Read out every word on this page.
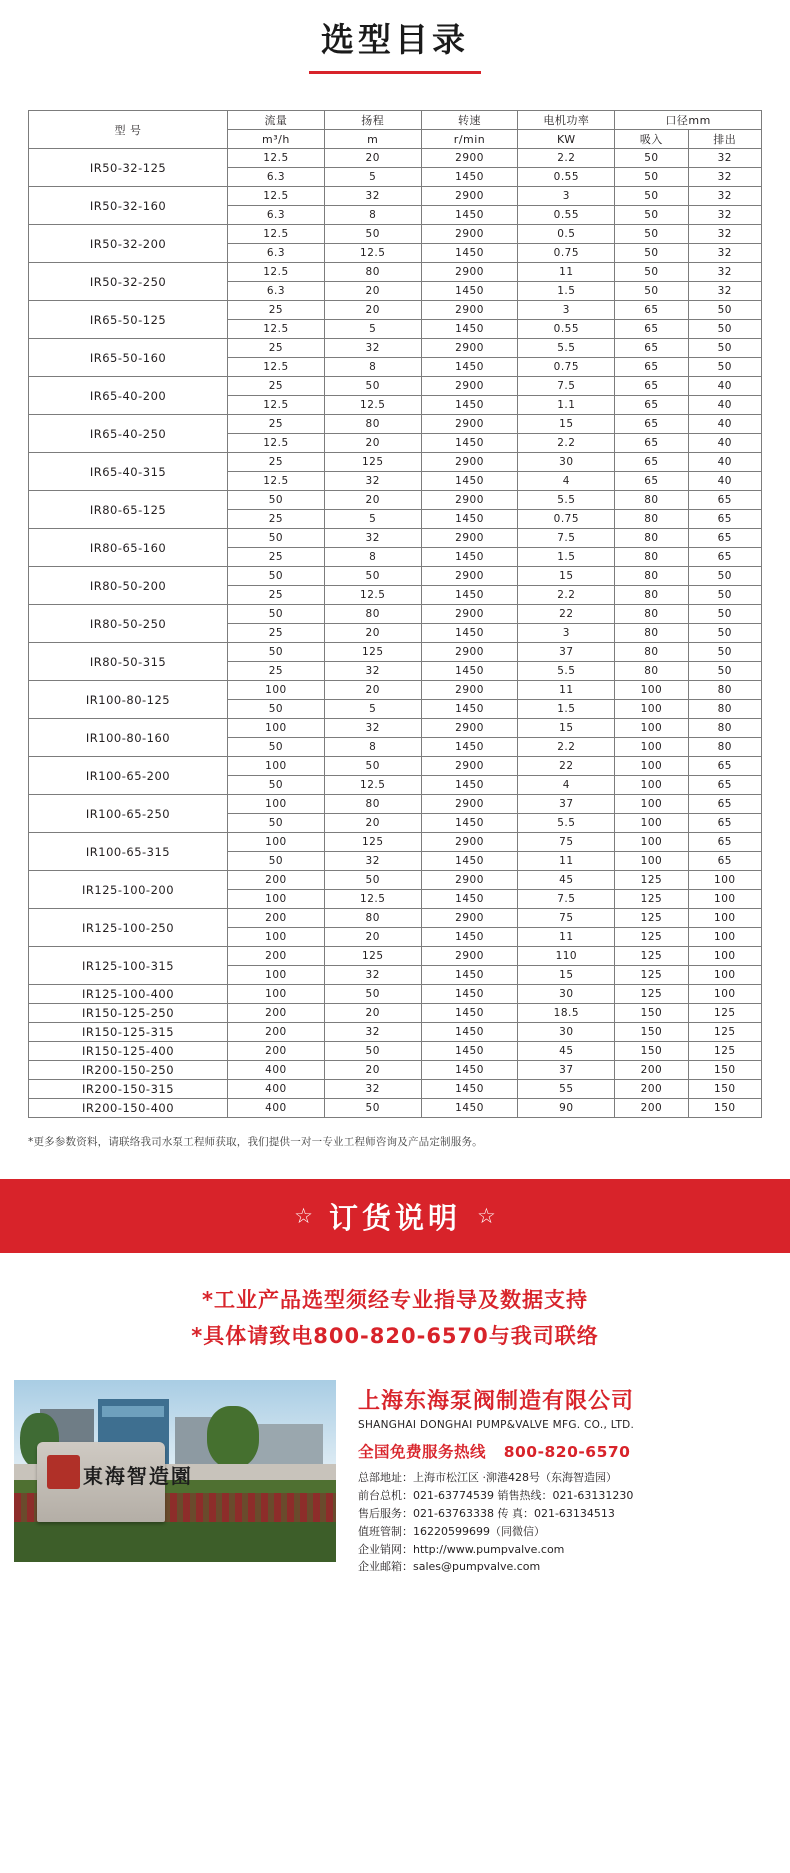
选型目录
型 号	流量	扬程	转速	电机功率	口径mm	
	m³/h	m	r/min	KW	吸入	排出
IR50-32-125	12.5	20	2900	2.2	50	32
	6.3	5	1450	0.55	50	32
IR50-32-160	12.5	32	2900	3	50	32
	6.3	8	1450	0.55	50	32
IR50-32-200	12.5	50	2900	0.5	50	32
	6.3	12.5	1450	0.75	50	32
IR50-32-250	12.5	80	2900	11	50	32
	6.3	20	1450	1.5	50	32
IR65-50-125	25	20	2900	3	65	50
	12.5	5	1450	0.55	65	50
IR65-50-160	25	32	2900	5.5	65	50
	12.5	8	1450	0.75	65	50
IR65-40-200	25	50	2900	7.5	65	40
	12.5	12.5	1450	1.1	65	40
IR65-40-250	25	80	2900	15	65	40
	12.5	20	1450	2.2	65	40
IR65-40-315	25	125	2900	30	65	40
	12.5	32	1450	4	65	40
IR80-65-125	50	20	2900	5.5	80	65
	25	5	1450	0.75	80	65
IR80-65-160	50	32	2900	7.5	80	65
	25	8	1450	1.5	80	65
IR80-50-200	50	50	2900	15	80	50
	25	12.5	1450	2.2	80	50
IR80-50-250	50	80	2900	22	80	50
	25	20	1450	3	80	50
IR80-50-315	50	125	2900	37	80	50
	25	32	1450	5.5	80	50
IR100-80-125	100	20	2900	11	100	80
	50	5	1450	1.5	100	80
IR100-80-160	100	32	2900	15	100	80
	50	8	1450	2.2	100	80
IR100-65-200	100	50	2900	22	100	65
	50	12.5	1450	4	100	65
IR100-65-250	100	80	2900	37	100	65
	50	20	1450	5.5	100	65
IR100-65-315	100	125	2900	75	100	65
	50	32	1450	11	100	65
IR125-100-200	200	50	2900	45	125	100
	100	12.5	1450	7.5	125	100
IR125-100-250	200	80	2900	75	125	100
	100	20	1450	11	125	100
IR125-100-315	200	125	2900	110	125	100
	100	32	1450	15	125	100
IR125-100-400	100	50	1450	30	125	100
IR150-125-250	200	20	1450	18.5	150	125
IR150-125-315	200	32	1450	30	150	125
IR150-125-400	200	50	1450	45	150	125
IR200-150-250	400	20	1450	37	200	150
IR200-150-315	400	32	1450	55	200	150
IR200-150-400	400	50	1450	90	200	150
*更多参数资料，请联络我司水泵工程师获取，我们提供一对一专业工程师咨询及产品定制服务。
☆ 订货说明 ☆
*工业产品选型须经专业指导及数据支持
*具体请致电800-820-6570与我司联络
東海智造園
上海东海泵阀制造有限公司
SHANGHAI DONGHAI PUMP&VALVE MFG. CO., LTD.
全国免费服务热线 800-820-6570
总部地址：上海市松江区 ·泖港428号（东海智造园）
前台总机：021-63774539 销售热线：021-63131230
售后服务：021-63763338 传 真：021-63134513
值班管制：16220599699（同微信）
企业销网：http://www.pumpvalve.com
企业邮箱：sales@pumpvalve.com
